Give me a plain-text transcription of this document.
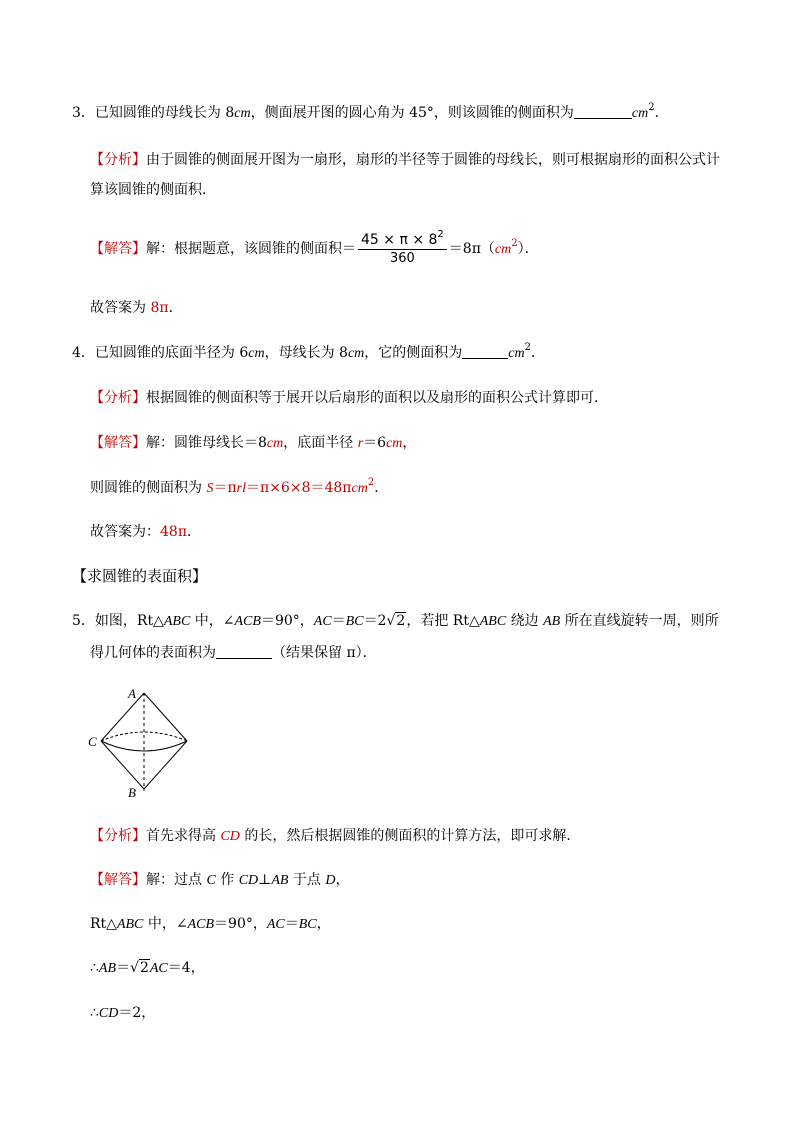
3．已知圆锥的母线长为 8cm，侧面展开图的圆心角为 45°，则该圆锥的侧面积为	$cm^2$．
【分析】由于圆锥的侧面展开图为一扇形，扇形的半径等于圆锥的母线长，则可根据扇形的面积公式计
算该圆锥的侧面积．
【解答】解：根据题意，该圆锥的侧面积＝ $\frac{45 \times \pi \times 8^2}{360} =8\pi(cm^2)$．
故答案为 8π．
4．已知圆锥的底面半径为 6cm，母线长为 8cm，它的侧面积为	$cm^2$．
【分析】根据圆锥的侧面积等于展开以后扇形的面积以及扇形的面积公式计算即可．
【解答】解：圆锥母线长＝8cm，底面半径 r＝6cm，
则圆锥的侧面积为 S＝πrl＝π×6×8＝48πcm$^2$．
故答案为：48π．
【求圆锥的表面积】
5．如图，Rt△ABC 中，∠ACB＝90°，AC＝BC＝2√2，若把 Rt△ABC 绕边 AB 所在直线旋转一周，则所
得几何体的表面积为	（结果保留 π）．
A
C
B
【分析】首先求得高 CD 的长，然后根据圆锥的侧面积的计算方法，即可求解．
【解答】解：过点 C 作 CD⊥AB 于点 D，
Rt△ABC 中，∠ACB＝90°，AC＝BC，
∴AB＝√2AC＝4，
∴CD＝2，
